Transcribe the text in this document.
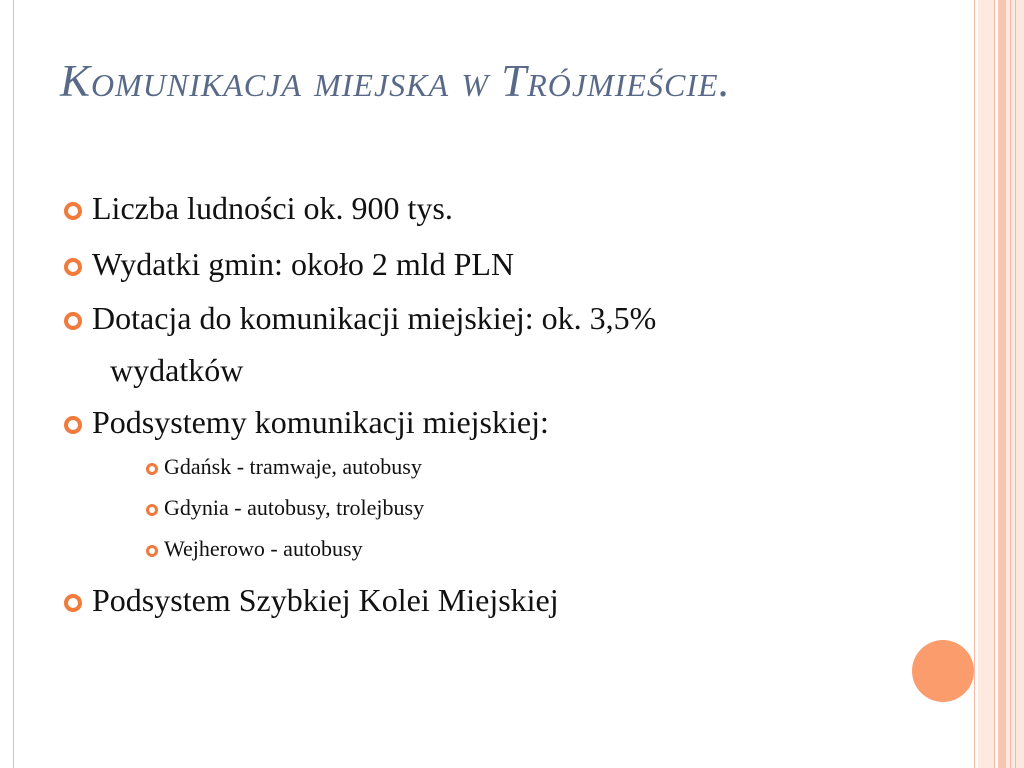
Komunikacja miejska w Trójmieście.
Liczba ludności ok. 900 tys.
Wydatki gmin: około 2 mld PLN
Dotacja do komunikacji miejskiej: ok. 3,5%
wydatków
Podsystemy komunikacji miejskiej:
Gdańsk - tramwaje, autobusy
Gdynia - autobusy, trolejbusy
Wejherowo - autobusy
Podsystem Szybkiej Kolei Miejskiej
